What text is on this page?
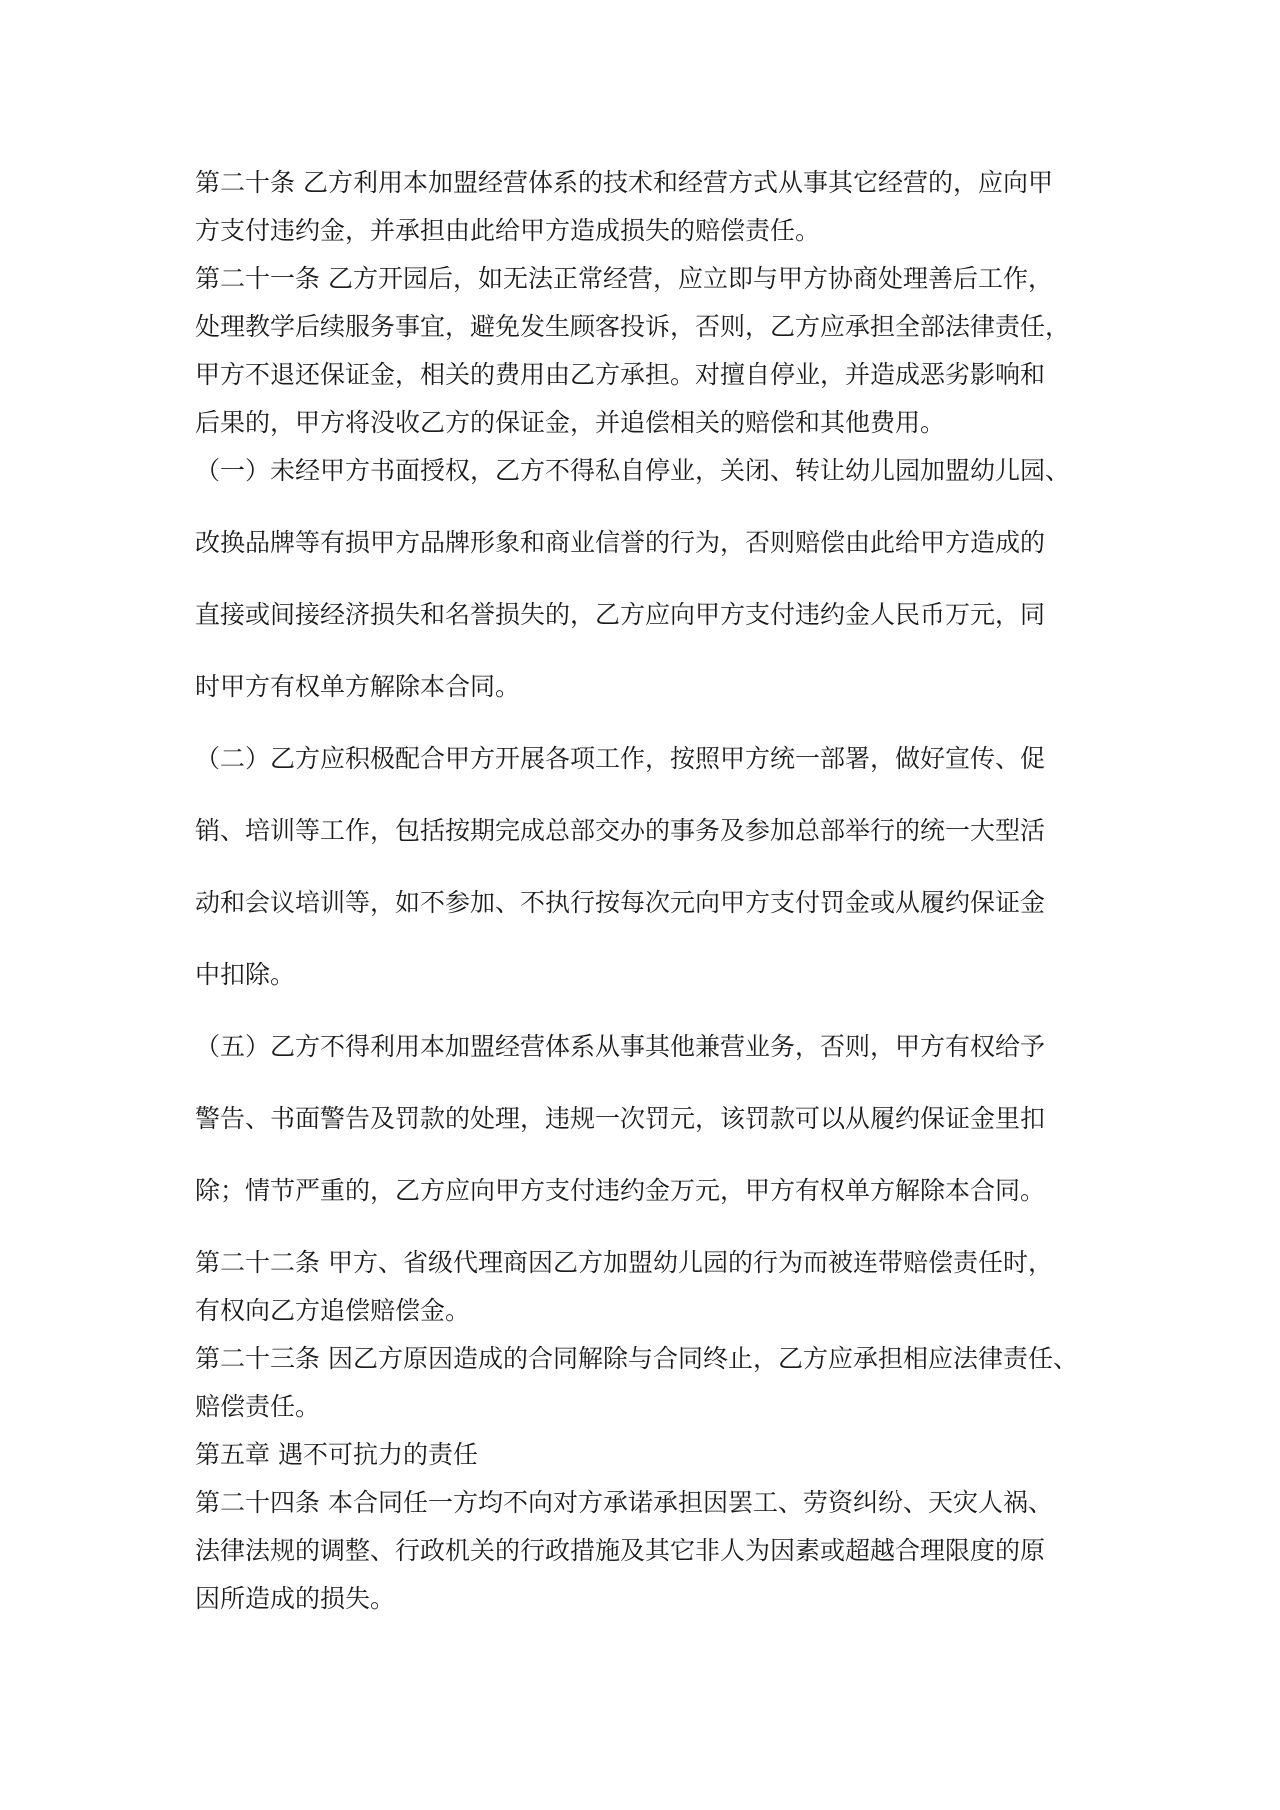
第二十条 乙方利用本加盟经营体系的技术和经营方式从事其它经营的，应向甲
方支付违约金，并承担由此给甲方造成损失的赔偿责任。
第二十一条 乙方开园后，如无法正常经营，应立即与甲方协商处理善后工作，
处理教学后续服务事宜，避免发生顾客投诉，否则，乙方应承担全部法律责任，
甲方不退还保证金，相关的费用由乙方承担。对擅自停业，并造成恶劣影响和
后果的，甲方将没收乙方的保证金，并追偿相关的赔偿和其他费用。
（一）未经甲方书面授权，乙方不得私自停业，关闭、转让幼儿园加盟幼儿园、
改换品牌等有损甲方品牌形象和商业信誉的行为，否则赔偿由此给甲方造成的
直接或间接经济损失和名誉损失的，乙方应向甲方支付违约金人民币万元，同
时甲方有权单方解除本合同。
（二）乙方应积极配合甲方开展各项工作，按照甲方统一部署，做好宣传、促
销、培训等工作，包括按期完成总部交办的事务及参加总部举行的统一大型活
动和会议培训等，如不参加、不执行按每次元向甲方支付罚金或从履约保证金
中扣除。
（五）乙方不得利用本加盟经营体系从事其他兼营业务，否则，甲方有权给予
警告、书面警告及罚款的处理，违规一次罚元，该罚款可以从履约保证金里扣
除；情节严重的，乙方应向甲方支付违约金万元，甲方有权单方解除本合同。
第二十二条 甲方、省级代理商因乙方加盟幼儿园的行为而被连带赔偿责任时，
有权向乙方追偿赔偿金。
第二十三条 因乙方原因造成的合同解除与合同终止，乙方应承担相应法律责任、
赔偿责任。
第五章 遇不可抗力的责任
第二十四条 本合同任一方均不向对方承诺承担因罢工、劳资纠纷、天灾人祸、
法律法规的调整、行政机关的行政措施及其它非人为因素或超越合理限度的原
因所造成的损失。
